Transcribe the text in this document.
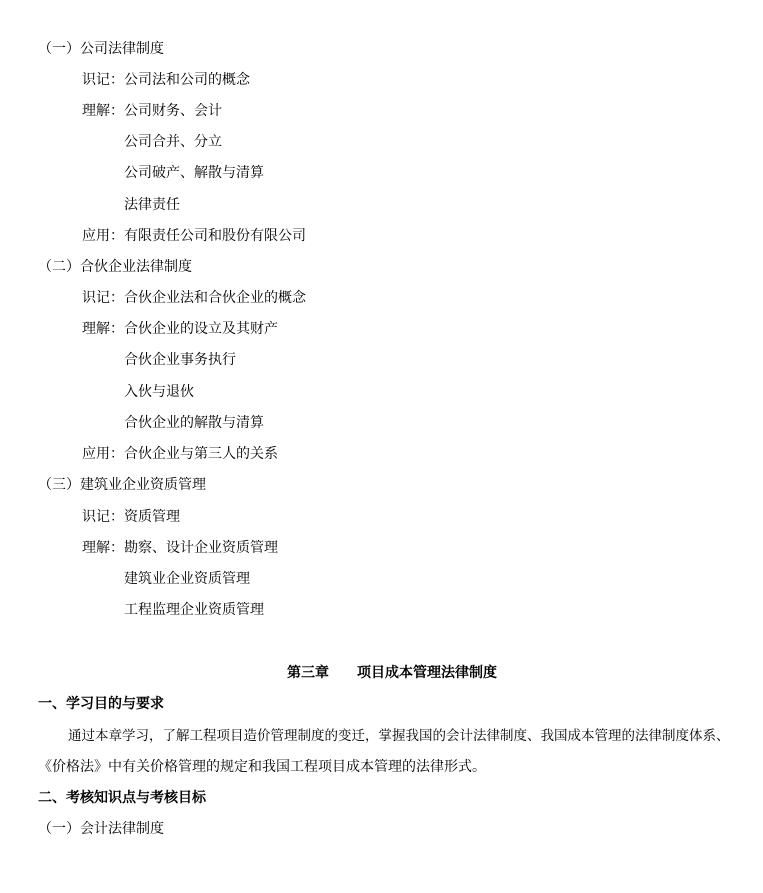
（一）公司法律制度
识记：公司法和公司的概念
理解：公司财务、会计
公司合并、分立
公司破产、解散与清算
法律责任
应用：有限责任公司和股份有限公司
（二）合伙企业法律制度
识记：合伙企业法和合伙企业的概念
理解：合伙企业的设立及其财产
合伙企业事务执行
入伙与退伙
合伙企业的解散与清算
应用：合伙企业与第三人的关系
（三）建筑业企业资质管理
识记：资质管理
理解：勘察、设计企业资质管理
建筑业企业资质管理
工程监理企业资质管理
第三章 项目成本管理法律制度
一、学习目的与要求
通过本章学习，了解工程项目造价管理制度的变迁，掌握我国的会计法律制度、我国成本管理的法律制度体系、
《价格法》中有关价格管理的规定和我国工程项目成本管理的法律形式。
二、考核知识点与考核目标
（一）会计法律制度
